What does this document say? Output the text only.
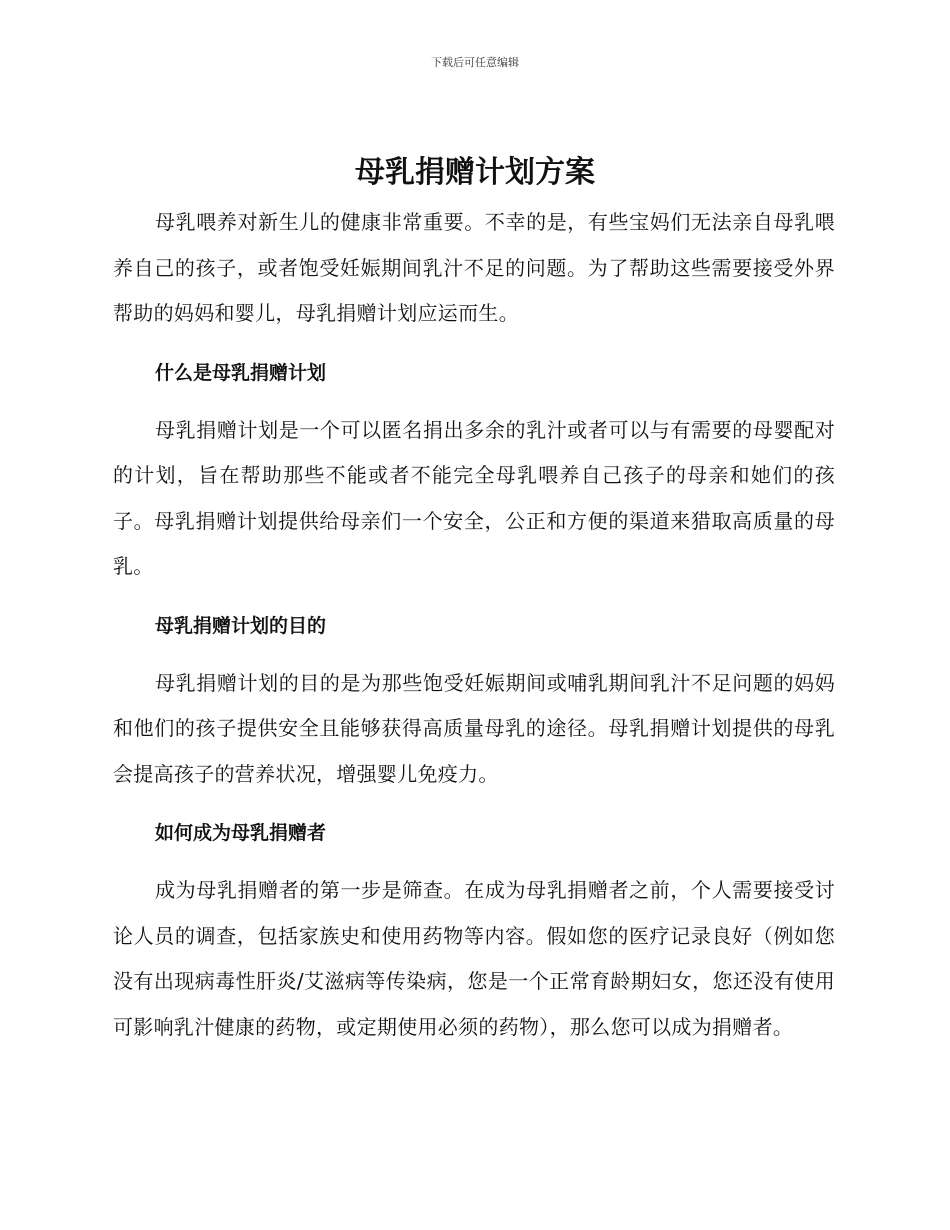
下载后可任意编辑
母乳捐赠计划方案

母乳喂养对新生儿的健康非常重要。不幸的是，有些宝妈们无法亲自母乳喂养自己的孩子，或者饱受妊娠期间乳汁不足的问题。为了帮助这些需要接受外界帮助的妈妈和婴儿，母乳捐赠计划应运而生。

什么是母乳捐赠计划

母乳捐赠计划是一个可以匿名捐出多余的乳汁或者可以与有需要的母婴配对的计划，旨在帮助那些不能或者不能完全母乳喂养自己孩子的母亲和她们的孩子。母乳捐赠计划提供给母亲们一个安全，公正和方便的渠道来猎取高质量的母乳。

母乳捐赠计划的目的

母乳捐赠计划的目的是为那些饱受妊娠期间或哺乳期间乳汁不足问题的妈妈和他们的孩子提供安全且能够获得高质量母乳的途径。母乳捐赠计划提供的母乳会提高孩子的营养状况，增强婴儿免疫力。

如何成为母乳捐赠者

成为母乳捐赠者的第一步是筛查。在成为母乳捐赠者之前，个人需要接受讨论人员的调查，包括家族史和使用药物等内容。假如您的医疗记录良好（例如您没有出现病毒性肝炎/艾滋病等传染病，您是一个正常育龄期妇女，您还没有使用可影响乳汁健康的药物，或定期使用必须的药物），那么您可以成为捐赠者。
